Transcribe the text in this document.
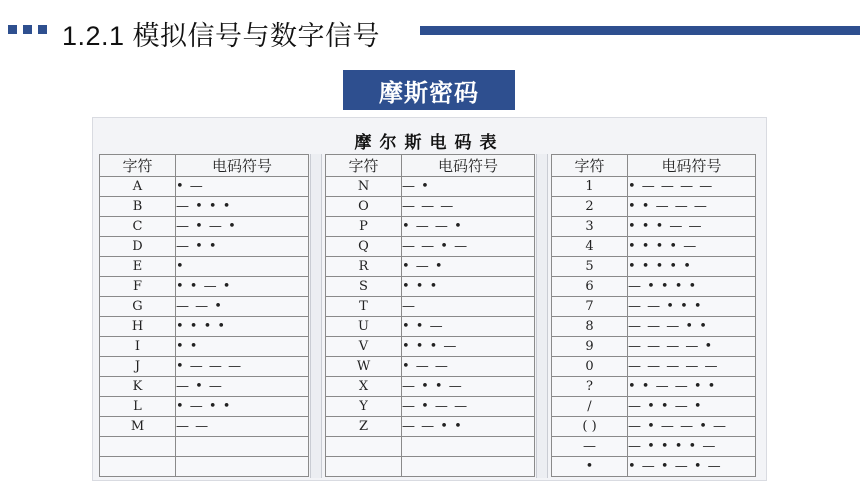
1.2.1 模拟信号与数字信号
摩斯密码
摩尔斯电码表
字符	电码符号
A	• —
B	— • • •
C	— • — •
D	— • •
E	•
F	• • — •
G	— — •
H	• • • •
I	• •
J	• — — —
K	— • —
L	• — • •
M	— —

字符	电码符号
N	— •
O	— — —
P	• — — •
Q	— — • —
R	• — •
S	• • •
T	—
U	• • —
V	• • • —
W	• — —
X	— • • —
Y	— • — —
Z	— — • •

字符	电码符号
1	• — — — —
2	• • — — —
3	• • • — —
4	• • • • —
5	• • • • •
6	— • • • •
7	— — • • •
8	— — — • •
9	— — — — •
0	— — — — —
?	• • — — • •
/	— • • — •
( )	— • — — • —
—	— • • • • —
•	• — • — • —
